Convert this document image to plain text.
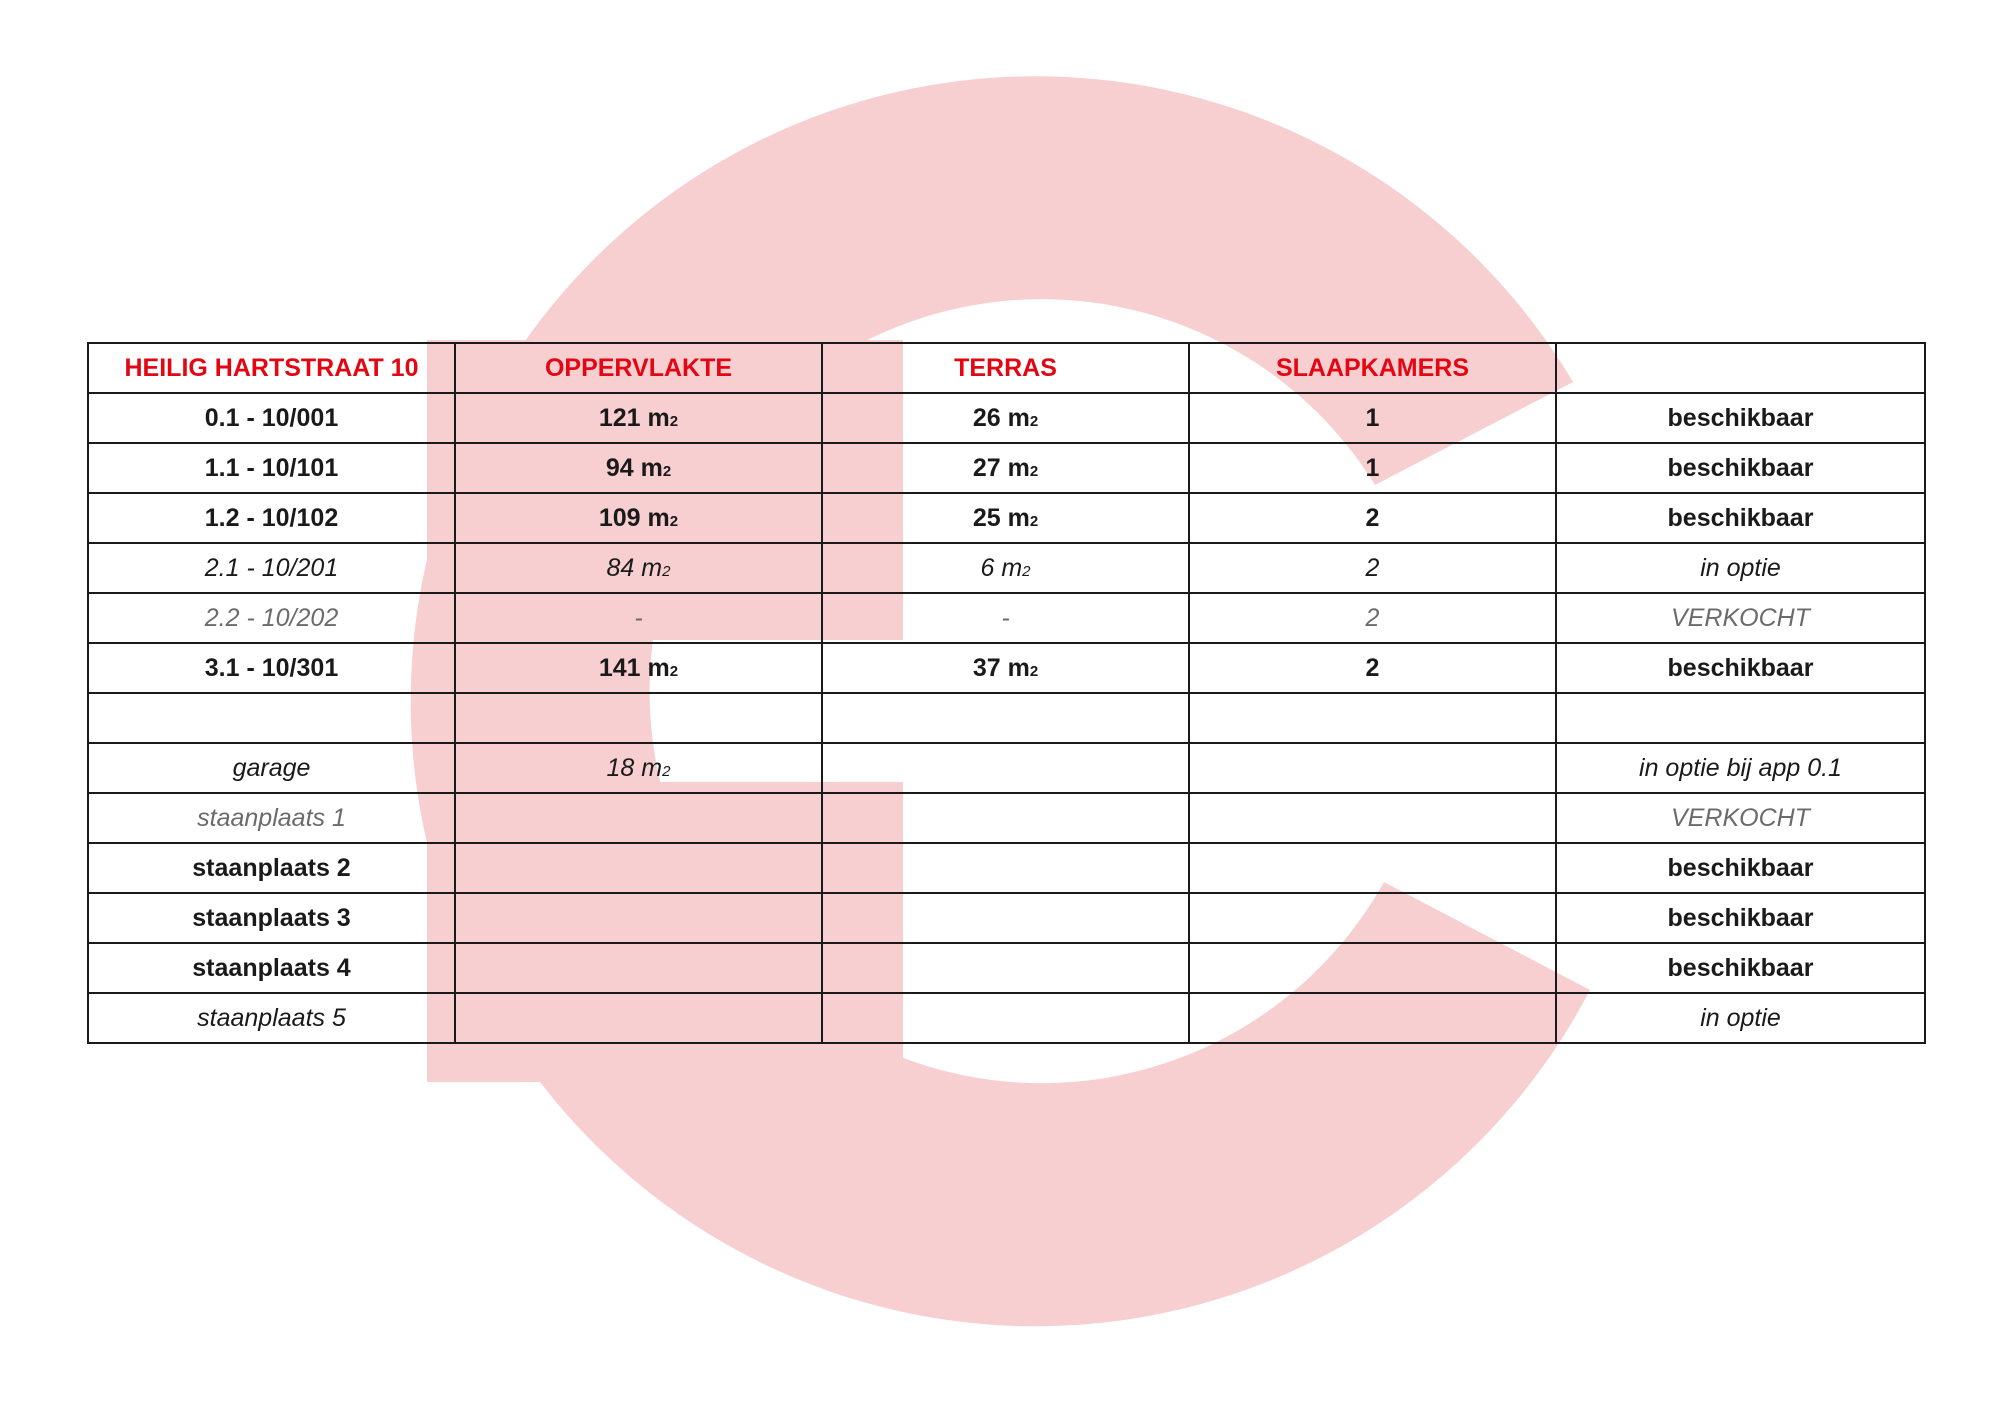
HEILIG HARTSTRAAT 10	OPPERVLAKTE	TERRAS	SLAAPKAMERS	
0.1 - 10/001	121 $m^2$	26 $m^2$	1	beschikbaar
1.1 - 10/101	94 $m^2$	27 $m^2$	1	beschikbaar
1.2 - 10/102	109 $m^2$	25 $m^2$	2	beschikbaar
2.1 - 10/201	84 $m^2$	6 $m^2$	2	in optie
2.2 - 10/202	-	-	2	VERKOCHT
3.1 - 10/301	141 $m^2$	37 $m^2$	2	beschikbaar

garage	18 $m^2$			in optie bij app 0.1
staanplaats 1				VERKOCHT
staanplaats 2				beschikbaar
staanplaats 3				beschikbaar
staanplaats 4				beschikbaar
staanplaats 5				in optie
